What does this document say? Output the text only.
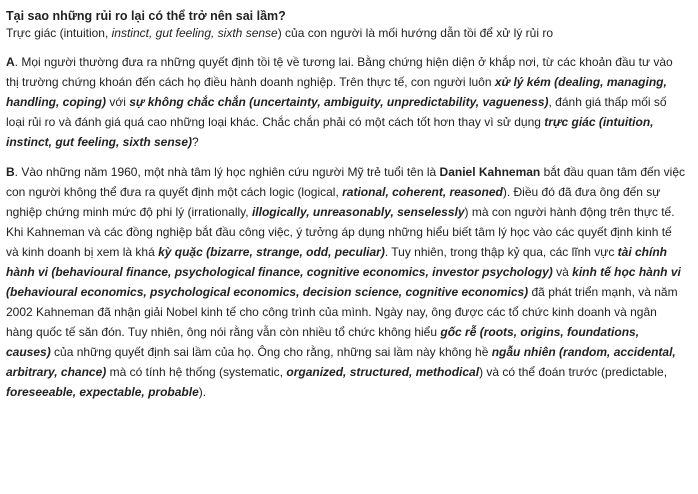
Tại sao những rủi ro lại có thể trở nên sai lầm?

Trực giác (intuition, instinct, gut feeling, sixth sense) của con người là mối hướng dẫn tồi để xử lý rủi ro

A. Mọi người thường đưa ra những quyết định tồi tệ về tương lai. Bằng chứng hiện diện ở khắp nơi, từ các khoản đầu tư vào thị trường chứng khoán đến cách họ điều hành doanh nghiệp. Trên thực tế, con người luôn xử lý kém (dealing, managing, handling, coping) với sự không chắc chắn (uncertainty, ambiguity, unpredictability, vagueness), đánh giá thấp mối số loại rủi ro và đánh giá quá cao những loại khác. Chắc chắn phải có một cách tốt hơn thay vì sử dụng trực giác (intuition, instinct, gut feeling, sixth sense)?

B. Vào những năm 1960, một nhà tâm lý học nghiên cứu người Mỹ trẻ tuổi tên là Daniel Kahneman bắt đầu quan tâm đến việc con người không thể đưa ra quyết định một cách logic (logical, rational, coherent, reasoned). Điều đó đã đưa ông đến sự nghiệp chứng minh mức độ phi lý (irrationally, illogically, unreasonably, senselessly) mà con người hành động trên thực tế. Khi Kahneman và các đồng nghiệp bắt đầu công việc, ý tưởng áp dụng những hiểu biết tâm lý học vào các quyết định kinh tế và kinh doanh bị xem là khá kỳ quặc (bizarre, strange, odd, peculiar). Tuy nhiên, trong thập kỷ qua, các lĩnh vực tài chính hành vi (behavioural finance, psychological finance, cognitive economics, investor psychology) và kinh tế học hành vi (behavioural economics, psychological economics, decision science, cognitive economics) đã phát triển mạnh, và năm 2002 Kahneman đã nhận giải Nobel kinh tế cho công trình của mình. Ngày nay, ông được các tổ chức kinh doanh và ngân hàng quốc tế săn đón. Tuy nhiên, ông nói rằng vẫn còn nhiều tổ chức không hiểu gốc rễ (roots, origins, foundations, causes) của những quyết định sai lầm của họ. Ông cho rằng, những sai lầm này không hề ngẫu nhiên (random, accidental, arbitrary, chance) mà có tính hệ thống (systematic, organized, structured, methodical) và có thể đoán trước (predictable, foreseeable, expectable, probable).
